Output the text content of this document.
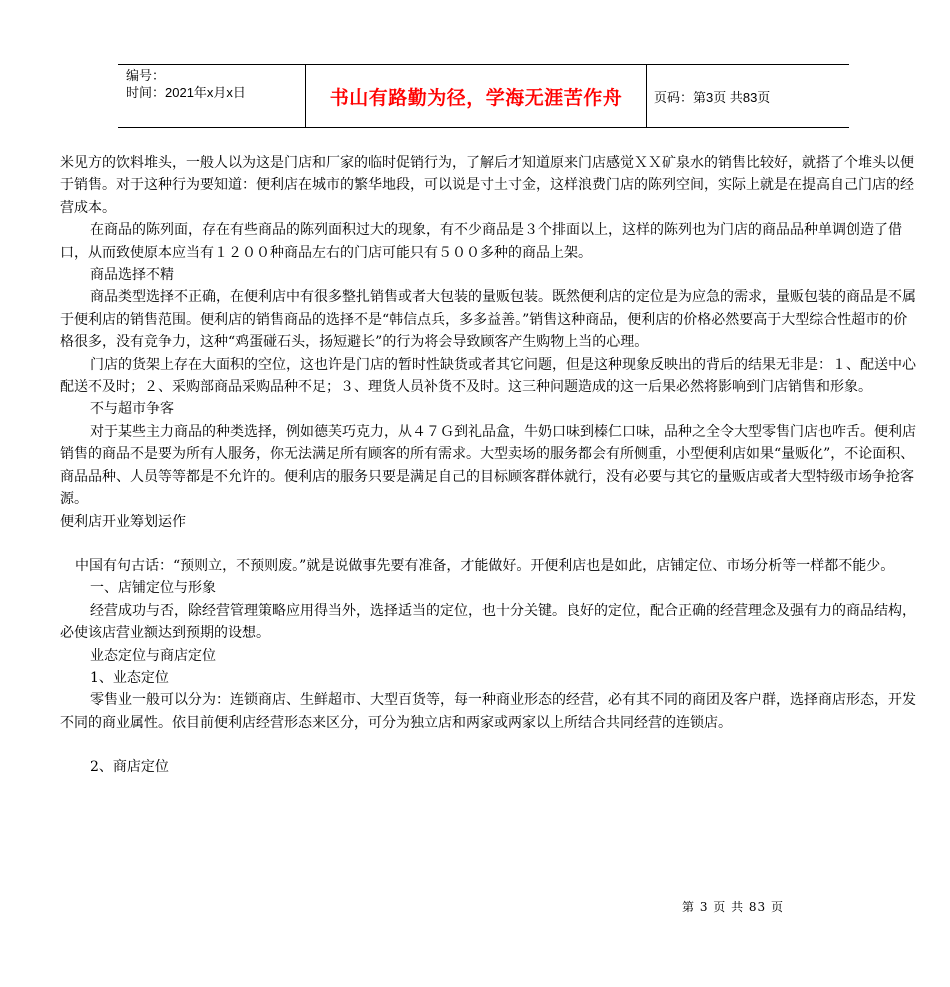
编号：
时间：2021年x月x日	书山有路勤为径，学海无涯苦作舟	页码：第3页 共83页

米见方的饮料堆头，一般人以为这是门店和厂家的临时促销行为，了解后才知道原来门店感觉ＸＸ矿泉水的销售比较好，就搭了个堆头以便于销售。对于这种行为要知道：便利店在城市的繁华地段，可以说是寸土寸金，这样浪费门店的陈列空间，实际上就是在提高自己门店的经营成本。

在商品的陈列面，存在有些商品的陈列面积过大的现象，有不少商品是３个排面以上，这样的陈列也为门店的商品品种单调创造了借口，从而致使原本应当有１２００种商品左右的门店可能只有５００多种的商品上架。

商品选择不精

商品类型选择不正确，在便利店中有很多整扎销售或者大包装的量贩包装。既然便利店的定位是为应急的需求，量贩包装的商品是不属于便利店的销售范围。便利店的销售商品的选择不是“韩信点兵，多多益善。”销售这种商品，便利店的价格必然要高于大型综合性超市的价格很多，没有竞争力，这种“鸡蛋碰石头，扬短避长”的行为将会导致顾客产生购物上当的心理。

门店的货架上存在大面积的空位，这也许是门店的暂时性缺货或者其它问题，但是这种现象反映出的背后的结果无非是：１、配送中心配送不及时；２、采购部商品采购品种不足；３、理货人员补货不及时。这三种问题造成的这一后果必然将影响到门店销售和形象。

不与超市争客

对于某些主力商品的种类选择，例如德芙巧克力，从４７Ｇ到礼品盒，牛奶口味到榛仁口味，品种之全令大型零售门店也咋舌。便利店销售的商品不是要为所有人服务，你无法满足所有顾客的所有需求。大型卖场的服务都会有所侧重，小型便利店如果“量贩化”，不论面积、商品品种、人员等等都是不允许的。便利店的服务只要是满足自己的目标顾客群体就行，没有必要与其它的量贩店或者大型特级市场争抢客源。

便利店开业筹划运作

中国有句古话：“预则立，不预则废。”就是说做事先要有准备，才能做好。开便利店也是如此，店铺定位、市场分析等一样都不能少。

一、店铺定位与形象

经营成功与否，除经营管理策略应用得当外，选择适当的定位，也十分关键。良好的定位，配合正确的经营理念及强有力的商品结构，必使该店营业额达到预期的设想。

业态定位与商店定位

1、业态定位

零售业一般可以分为：连锁商店、生鲜超市、大型百货等，每一种商业形态的经营，必有其不同的商团及客户群，选择商店形态，开发不同的商业属性。依目前便利店经营形态来区分，可分为独立店和两家或两家以上所结合共同经营的连锁店。

2、商店定位

第 3 页 共 83 页
